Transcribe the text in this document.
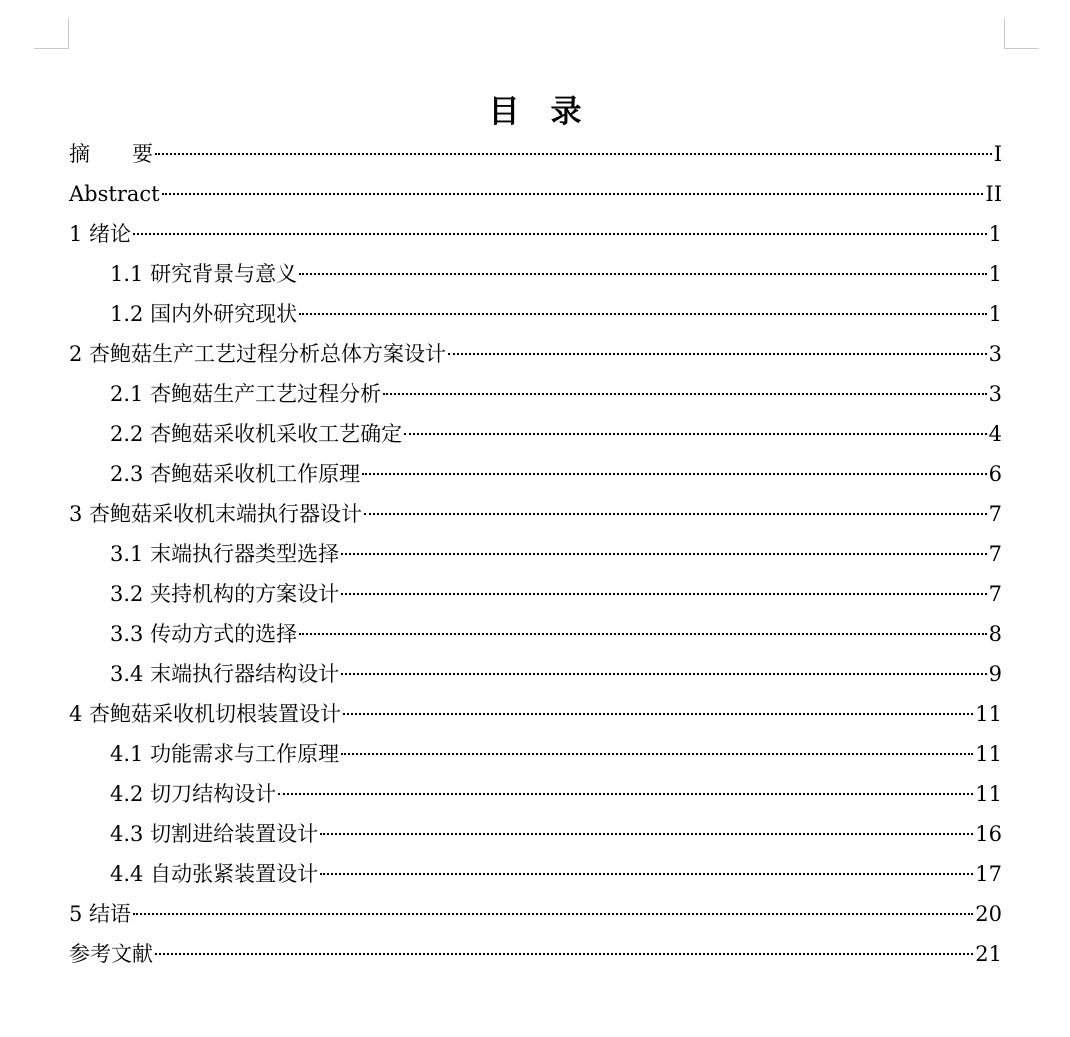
目　录
摘　　要	I
Abstract	II
1 绪论	1
1.1 研究背景与意义	1
1.2 国内外研究现状	1
2 杏鲍菇生产工艺过程分析总体方案设计	3
2.1 杏鲍菇生产工艺过程分析	3
2.2 杏鲍菇采收机采收工艺确定	4
2.3 杏鲍菇采收机工作原理	6
3 杏鲍菇采收机末端执行器设计	7
3.1 末端执行器类型选择	7
3.2 夹持机构的方案设计	7
3.3 传动方式的选择	8
3.4 末端执行器结构设计	9
4 杏鲍菇采收机切根装置设计	11
4.1 功能需求与工作原理	11
4.2 切刀结构设计	11
4.3 切割进给装置设计	16
4.4 自动张紧装置设计	17
5 结语	20
参考文献	21
